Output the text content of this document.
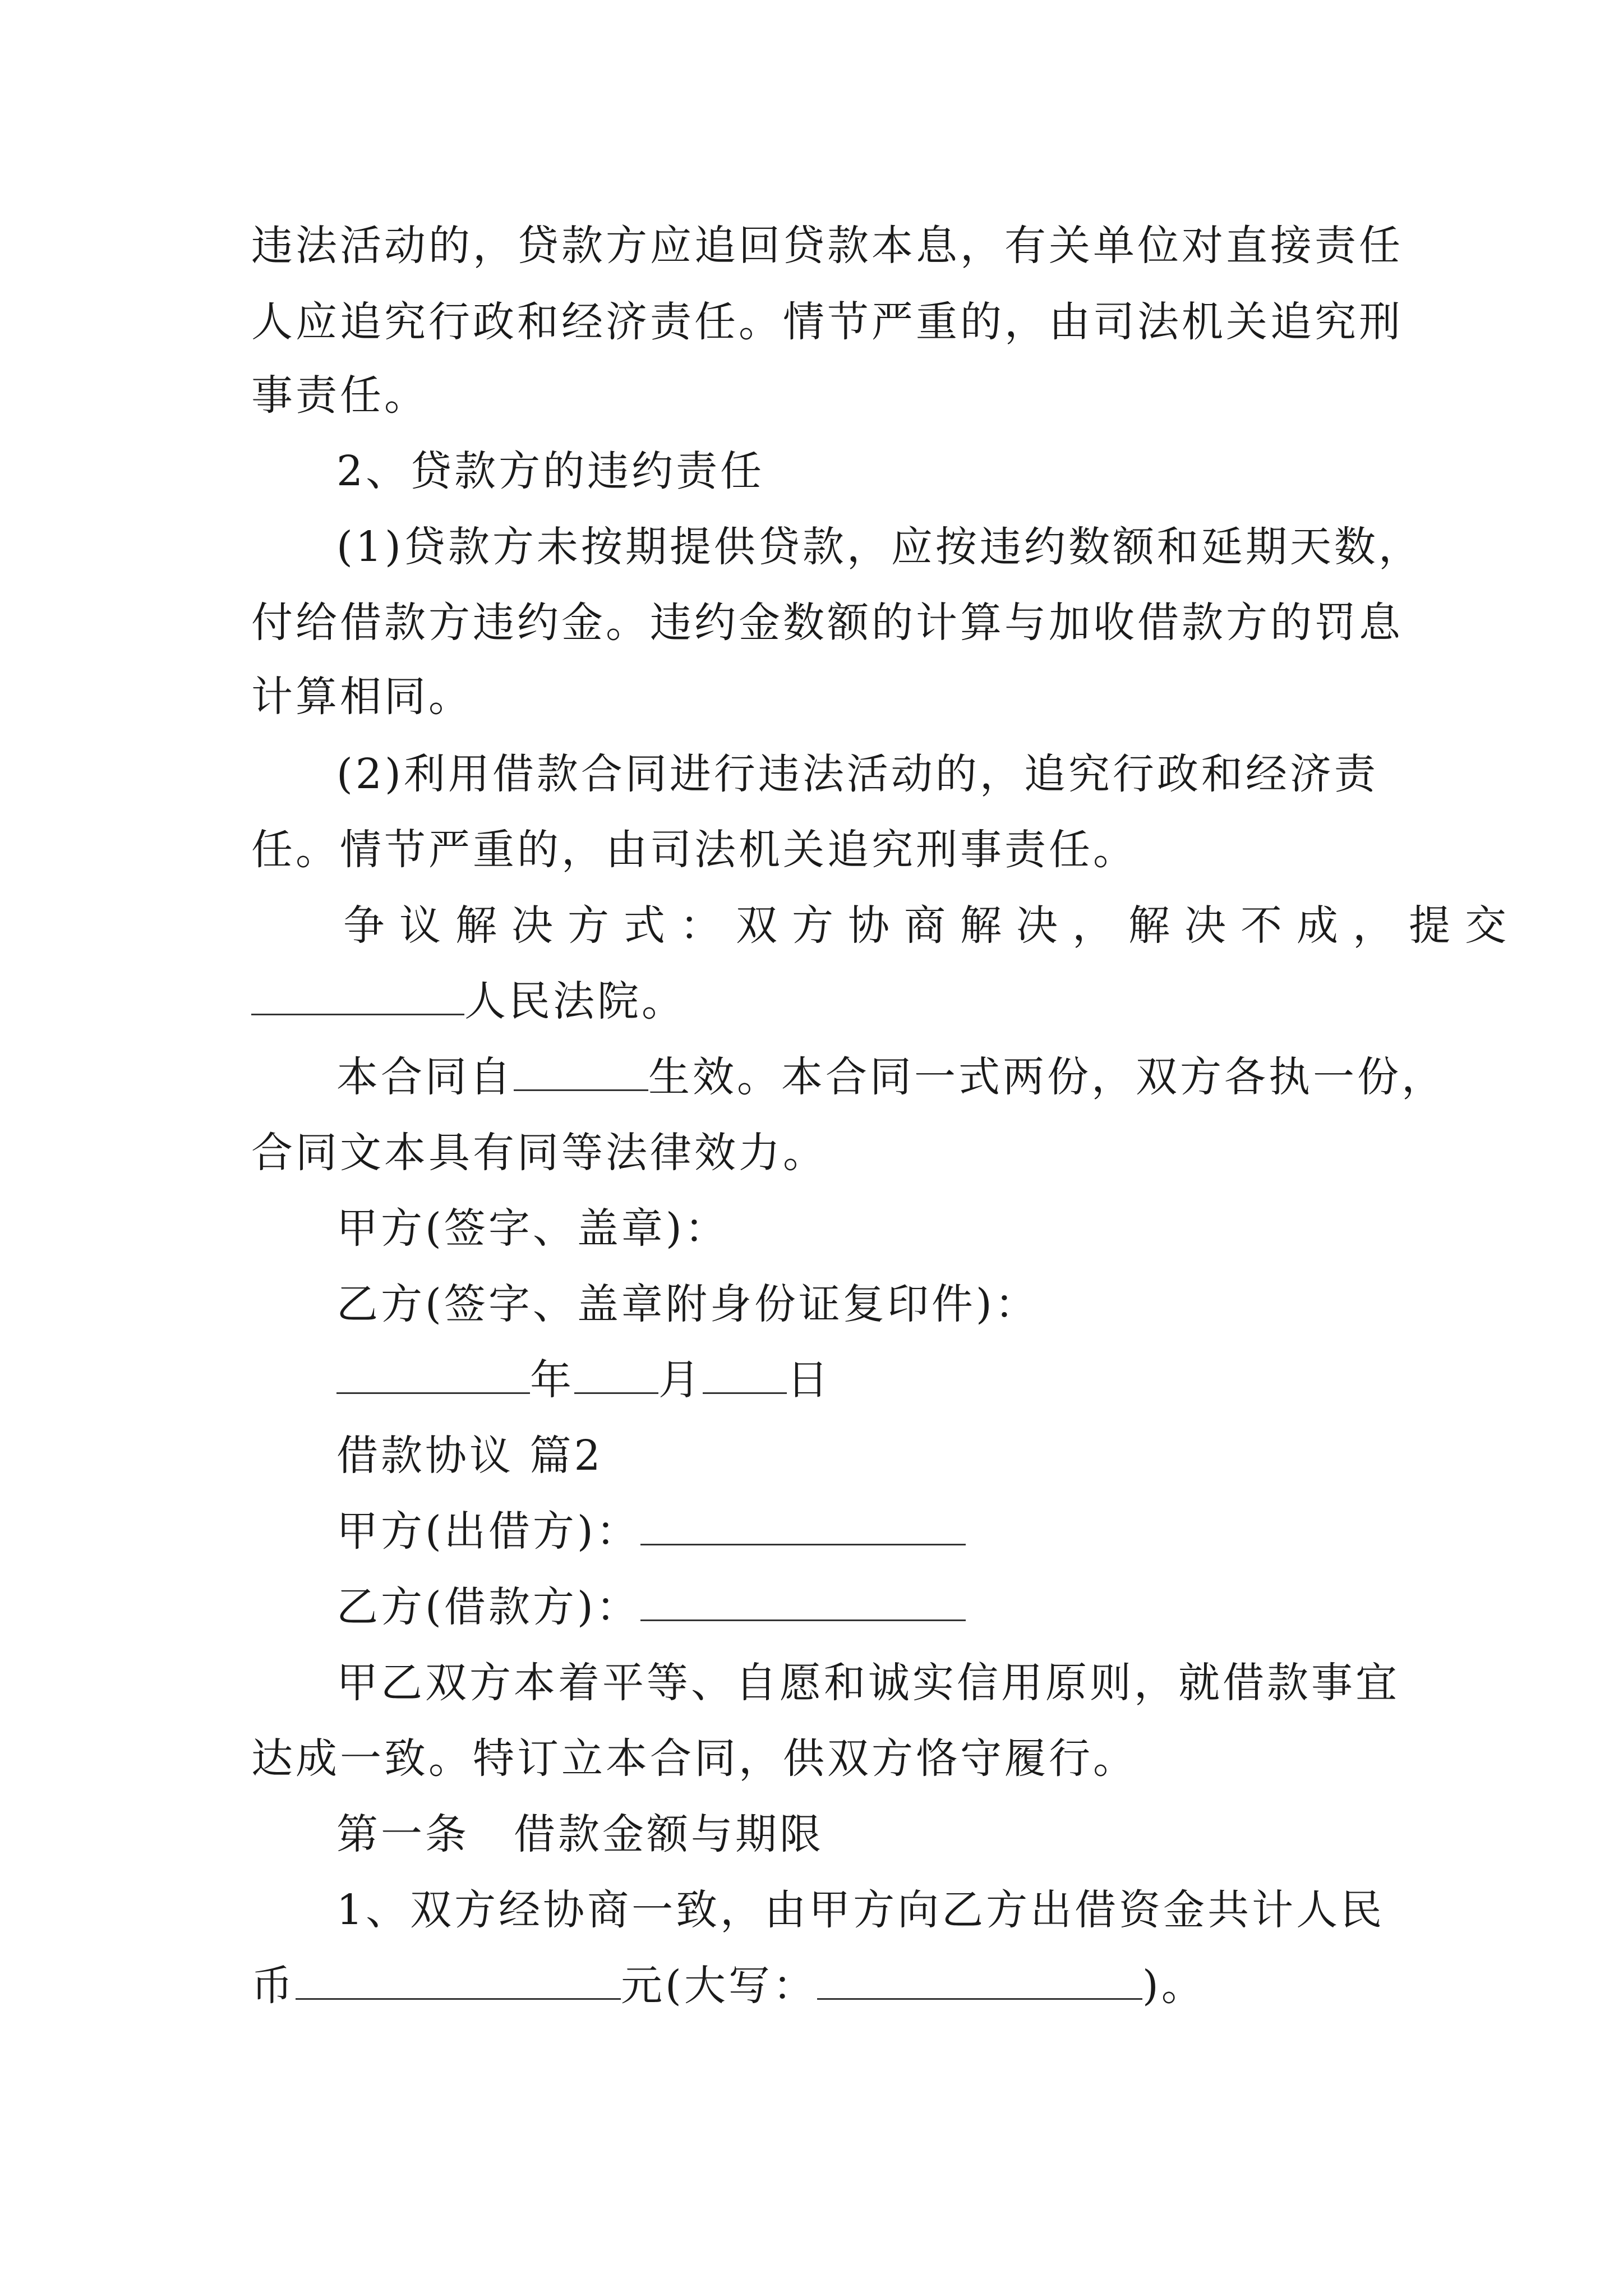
违法活动的，贷款方应追回贷款本息，有关单位对直接责任
人应追究行政和经济责任。情节严重的，由司法机关追究刑
事责任。
2、贷款方的违约责任
(1)贷款方未按期提供贷款，应按违约数额和延期天数，
付给借款方违约金。违约金数额的计算与加收借款方的罚息
计算相同。
(2)利用借款合同进行违法活动的，追究行政和经济责
任。情节严重的，由司法机关追究刑事责任。
争议解决方式：双方协商解决，解决不成，提交
人民法院。
本合同自	生效。本合同一式两份，双方各执一份，
合同文本具有同等法律效力。
甲方(签字、盖章)：
乙方(签字、盖章附身份证复印件)：
年 月 日
借款协议 篇2
甲方(出借方)：
乙方(借款方)：
甲乙双方本着平等、自愿和诚实信用原则，就借款事宜
达成一致。特订立本合同，供双方恪守履行。
第一条　借款金额与期限
1、双方经协商一致，由甲方向乙方出借资金共计人民
币	元(大写：	)。
